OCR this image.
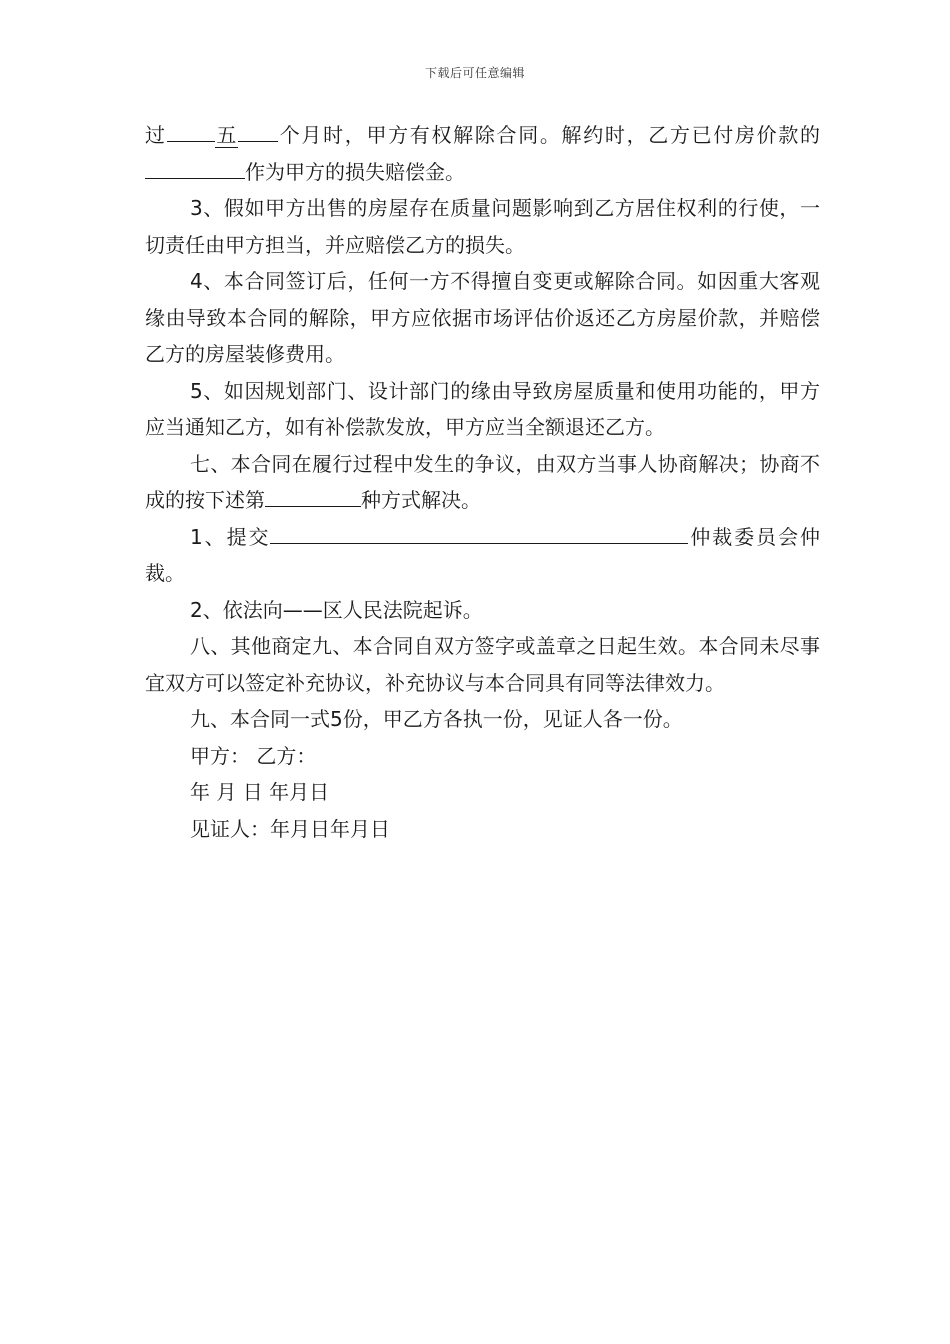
下载后可任意编辑

过 五 个月时，甲方有权解除合同。解约时，乙方已付房价款的作为甲方的损失赔偿金。

3、假如甲方出售的房屋存在质量问题影响到乙方居住权利的行使，一切责任由甲方担当，并应赔偿乙方的损失。

4、本合同签订后，任何一方不得擅自变更或解除合同。如因重大客观缘由导致本合同的解除，甲方应依据市场评估价返还乙方房屋价款，并赔偿乙方的房屋装修费用。

5、如因规划部门、设计部门的缘由导致房屋质量和使用功能的，甲方应当通知乙方，如有补偿款发放，甲方应当全额退还乙方。

七、本合同在履行过程中发生的争议，由双方当事人协商解决；协商不成的按下述第	种方式解决。

1、提交	仲裁委员会仲裁。

2、依法向——区人民法院起诉。

八、其他商定九、本合同自双方签字或盖章之日起生效。本合同未尽事宜双方可以签定补充协议，补充协议与本合同具有同等法律效力。

九、本合同一式5份，甲乙方各执一份，见证人各一份。

甲方： 乙方：

年 月 日 年月日

见证人：年月日年月日
